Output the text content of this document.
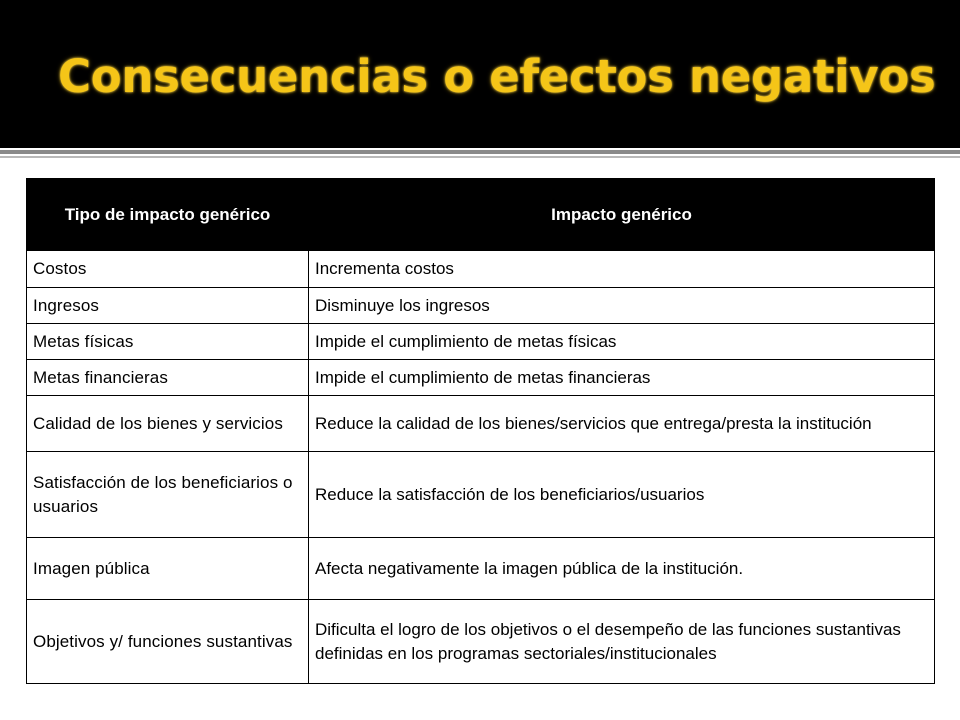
Consecuencias o efectos negativos
Tipo de impacto genérico	Impacto genérico
Costos	Incrementa costos
Ingresos	Disminuye los ingresos
Metas físicas	Impide el cumplimiento de metas físicas
Metas financieras	Impide el cumplimiento de metas financieras
Calidad de los bienes y servicios	Reduce la calidad de los bienes/servicios que entrega/presta la institución
Satisfacción de los beneficiarios o usuarios	Reduce la satisfacción de los beneficiarios/usuarios
Imagen pública	Afecta negativamente la imagen pública de la institución.
Objetivos y/ funciones sustantivas	Dificulta el logro de los objetivos o el desempeño de las funciones sustantivas definidas en los programas sectoriales/institucionales
